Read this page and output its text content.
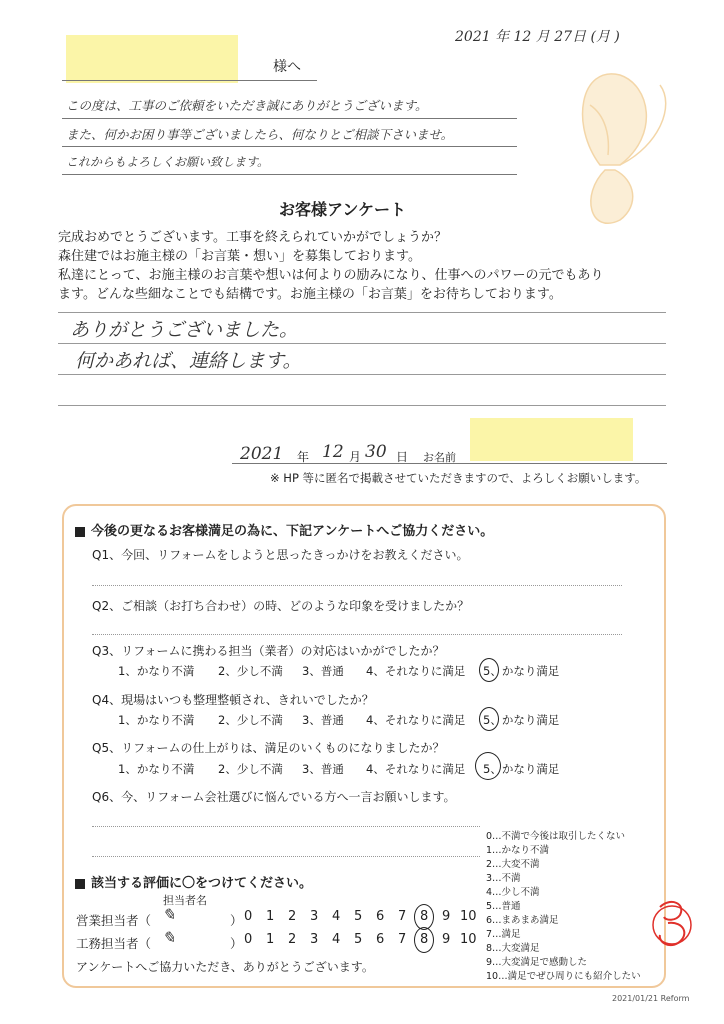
2021 年 12 月 27日 (月 )
様へ
この度は、工事のご依頼をいただき誠にありがとうございます。
また、何かお困り事等ございましたら、何なりとご相談下さいませ。
これからもよろしくお願い致します。
お客様アンケート
完成おめでとうございます。工事を終えられていかがでしょうか？
森住建ではお施主様の「お言葉・想い」を募集しております。
私達にとって、お施主様のお言葉や想いは何よりの励みになり、仕事へのパワーの元でもあり
ます。どんな些細なことでも結構です。お施主様の「お言葉」をお待ちしております。
ありがとうございました。
何かあれば、連絡します。
2021 年 12 月 30 日 お名前
※ HP 等に匿名で掲載させていただきますので、よろしくお願いします。
今後の更なるお客様満足の為に、下記アンケートへご協力ください。
Q1、今回、リフォームをしようと思ったきっかけをお教えください。
Q2、ご相談（お打ち合わせ）の時、どのような印象を受けましたか？
Q3、リフォームに携わる担当（業者）の対応はいかがでしたか？
1、かなり不満 2、少し不満 3、普通 4、それなりに満足 5、かなり満足
Q4、現場はいつも整理整頓され、きれいでしたか？
1、かなり不満 2、少し不満 3、普通 4、それなりに満足 5、かなり満足
Q5、リフォームの仕上がりは、満足のいくものになりましたか？
1、かなり不満 2、少し不満 3、普通 4、それなりに満足 5、かなり満足
Q6、今、リフォーム会社選びに悩んでいる方へ一言お願いします。
該当する評価に〇をつけてください。
担当者名
営業担当者（ ✎	） 0 1 2 3 4 5 6 7 8 9 10
工務担当者（ ✎	） 0 1 2 3 4 5 6 7 8 9 10
アンケートへご協力いただき、ありがとうございます。
0…不満で今後は取引したくない
1…かなり不満
2…大変不満
3…不満
4…少し不満
5…普通
6…まあまあ満足
7…満足
8…大変満足
9…大変満足で感動した
10…満足でぜひ周りにも紹介したい
2021/01/21 Reform
